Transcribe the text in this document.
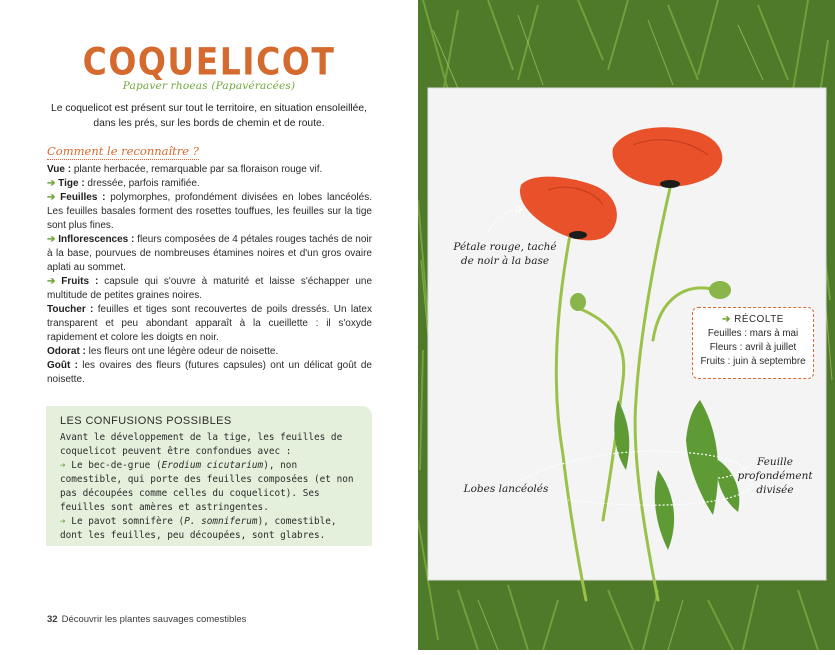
COQUELICOT
Papaver rhoeas (Papavéracées)
Le coquelicot est présent sur tout le territoire, en situation ensoleillée, dans les prés, sur les bords de chemin et de route.
Comment le reconnaître ?

Vue : plante herbacée, remarquable par sa floraison rouge vif.

➔ Tige : dressée, parfois ramifiée.

➔ Feuilles : polymorphes, profondément divisées en lobes lancéolés. Les feuilles basales forment des rosettes touffues, les feuilles sur la tige sont plus fines.

➔ Inflorescences : fleurs composées de 4 pétales rouges tachés de noir à la base, pourvues de nombreuses étamines noires et d'un gros ovaire aplati au sommet.

➔ Fruits : capsule qui s'ouvre à maturité et laisse s'échapper une multitude de petites graines noires.

Toucher : feuilles et tiges sont recouvertes de poils dressés. Un latex transparent et peu abondant apparaît à la cueillette : il s'oxyde rapidement et colore les doigts en noir.

Odorat : les fleurs ont une légère odeur de noisette.

Goût : les ovaires des fleurs (futures capsules) ont un délicat goût de noisette.

LES CONFUSIONS POSSIBLES

Avant le développement de la tige, les feuilles de coquelicot peuvent être confondues avec :

➔ Le bec-de-grue (Erodium cicutarium), non comestible, qui porte des feuilles composées (et non pas découpées comme celles du coquelicot). Ses feuilles sont amères et astringentes.

➔ Le pavot somnifère (P. somniferum), comestible, dont les feuilles, peu découpées, sont glabres.

32 Découvrir les plantes sauvages comestibles
Pétale rouge, taché
de noir à la base
Lobes lancéolés
Feuille
profondément
divisée
➔ RÉCOLTE
Feuilles : mars à mai
Fleurs : avril à juillet
Fruits : juin à septembre
